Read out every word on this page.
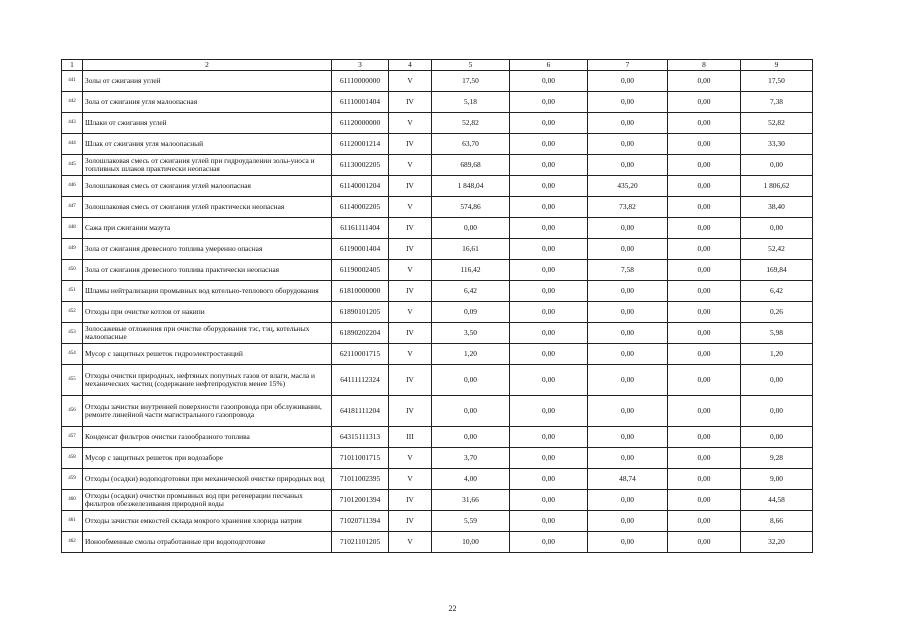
1	2	3	4	5	6	7	8	9
441	Золы от сжигания углей	61110000000	V	17,50	0,00	0,00	0,00	17,50
442	Зола от сжигания угля малоопасная	61110001404	IV	5,18	0,00	0,00	0,00	7,38
443	Шлаки от сжигания углей	61120000000	V	52,82	0,00	0,00	0,00	52,82
444	Шлак от сжигания угля малоопасный	61120001214	IV	63,70	0,00	0,00	0,00	33,30
445	Золошлаковая смесь от сжигания углей при гидроудалении золы-уноса и топливных шлаков практически неопасная	61130002205	V	689,68	0,00	0,00	0,00	0,00
446	Золошлаковая смесь от сжигания углей малоопасная	61140001204	IV	1 848,04	0,00	435,20	0,00	1 806,62
447	Золошлаковая смесь от сжигания углей практически неопасная	61140002205	V	574,86	0,00	73,82	0,00	38,40
448	Сажа при сжигании мазута	61161111404	IV	0,00	0,00	0,00	0,00	0,00
449	Зола от сжигания древесного топлива умеренно опасная	61190001404	IV	16,61	0,00	0,00	0,00	52,42
450	Зола от сжигания древесного топлива практически неопасная	61190002405	V	116,42	0,00	7,58	0,00	169,84
451	Шламы нейтрализации промывных вод котельно-теплового оборудования	61810000000	IV	6,42	0,00	0,00	0,00	6,42
452	Отходы при очистке котлов от накипи	61890101205	V	0,09	0,00	0,00	0,00	0,26
453	Золосажевые отложения при очистке оборудования тэс, тэц, котельных малоопасные	61890202204	IV	3,50	0,00	0,00	0,00	5,98
454	Мусор с защитных решеток гидроэлектростанций	62110001715	V	1,20	0,00	0,00	0,00	1,20
455	Отходы очистки природных, нефтяных попутных газов от влаги, масла и механических частиц (содержание нефтепродуктов менее 15%)	64111112324	IV	0,00	0,00	0,00	0,00	0,00
456	Отходы зачистки внутренней поверхности газопровода при обслуживании, ремонте линейной части магистрального газопровода	64181111204	IV	0,00	0,00	0,00	0,00	0,00
457	Конденсат фильтров очистки газообразного топлива	64315111313	III	0,00	0,00	0,00	0,00	0,00
458	Мусор с защитных решеток при водозаборе	71011001715	V	3,70	0,00	0,00	0,00	9,28
459	Отходы (осадки) водоподготовки при механической очистке природных вод	71011002395	V	4,00	0,00	48,74	0,00	9,00
460	Отходы (осадки) очистки промывных вод при регенерации песчаных фильтров обезжелезивания природной воды	71012001394	IV	31,66	0,00	0,00	0,00	44,58
461	Отходы зачистки емкостей склада мокрого хранения хлорида натрия	71020711394	IV	5,59	0,00	0,00	0,00	8,66
462	Ионообменные смолы отработанные при водоподготовке	71021101205	V	10,00	0,00	0,00	0,00	32,20
22
